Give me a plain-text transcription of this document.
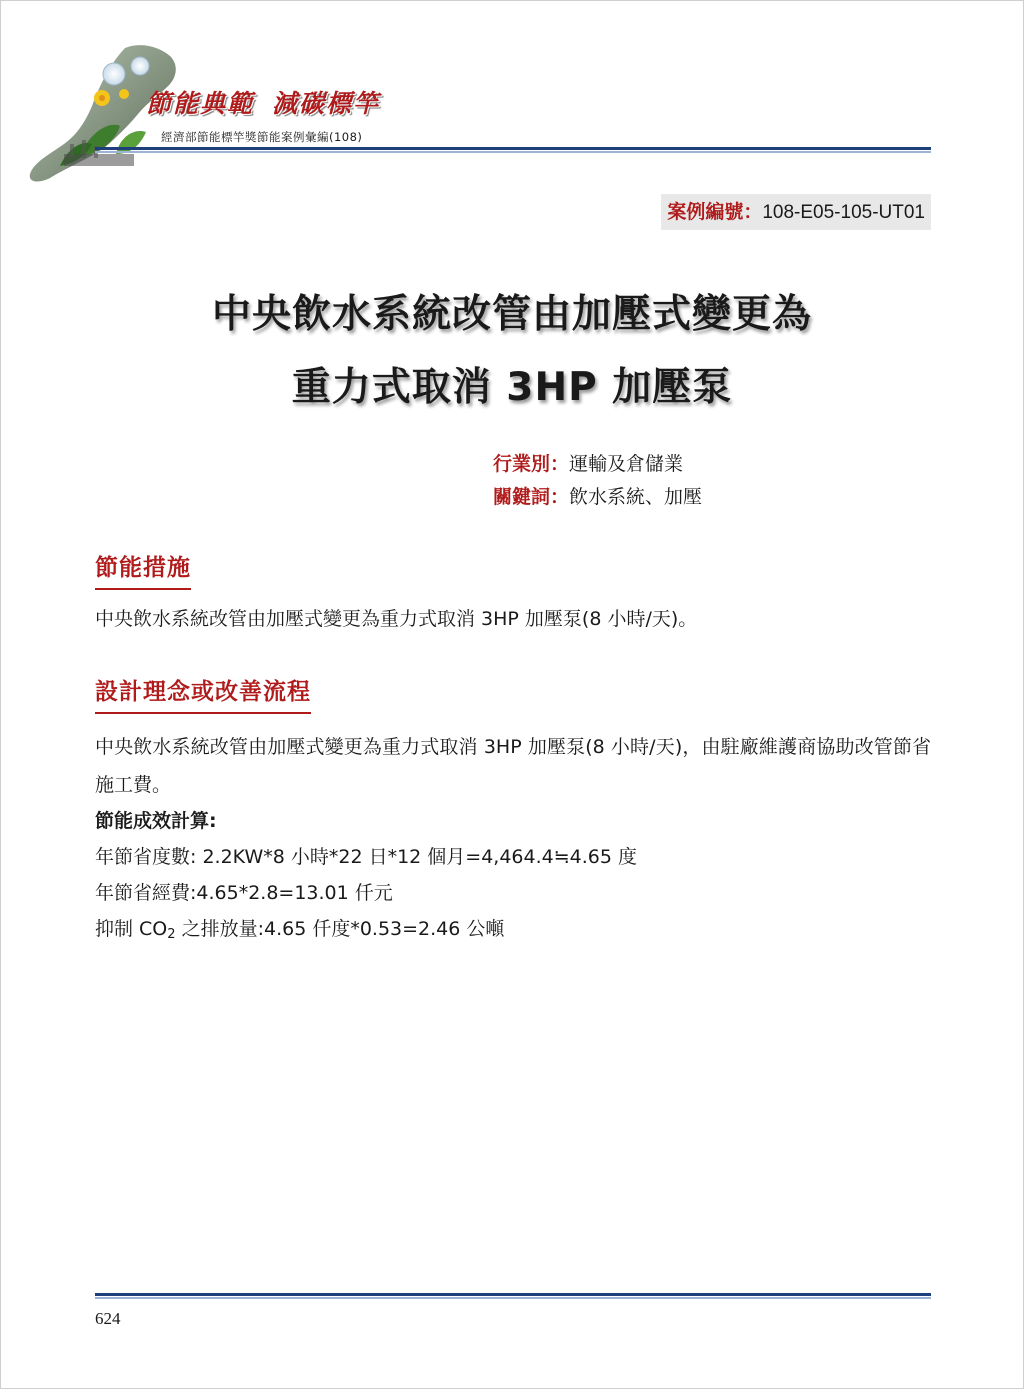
節能典範 減碳標竿
經濟部節能標竿獎節能案例彙編(108)
案例編號：108-E05-105-UT01
中央飲水系統改管由加壓式變更為
重力式取消 3HP 加壓泵
行業別：運輸及倉儲業
關鍵詞：飲水系統、加壓
節能措施
中央飲水系統改管由加壓式變更為重力式取消 3HP 加壓泵(8 小時/天)。
設計理念或改善流程
中央飲水系統改管由加壓式變更為重力式取消 3HP 加壓泵(8 小時/天)，由駐廠維護商協助改管節省施工費。
節能成效計算:
年節省度數: 2.2KW*8 小時*22 日*12 個月=4,464.4≒4.65 度
年節省經費:4.65*2.8=13.01 仟元
抑制 $CO_2$ 之排放量:4.65 仟度*0.53=2.46 公噸
624
